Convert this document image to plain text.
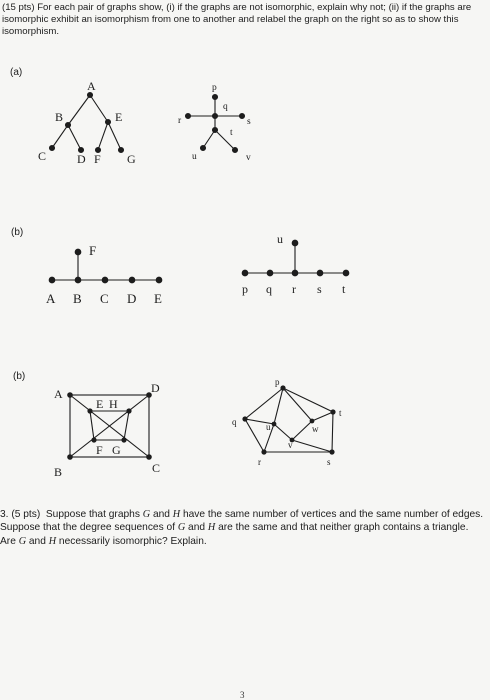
(15 pts) For each pair of graphs show, (i) if the graphs are not isomorphic, explain why not; (ii) if the graphs are isomorphic exhibit an isomorphism from one to another and relabel the graph on the right so as to show this isomorphism.
(a)
(b)
(b)
A
B
C	D
E
F G
p
q
r	s
t
u	v
F
A B C D E
u
p q r s t
A
E H
D
F G
B	C
p
u	w
t
q
v
r	s
3
3. (5 pts) Suppose that graphs G and H have the same number of vertices and the same number of edges. Suppose that the degree sequences of G and H are the same and that neither graph contains a triangle. Are G and H necessarily isomorphic? Explain.
